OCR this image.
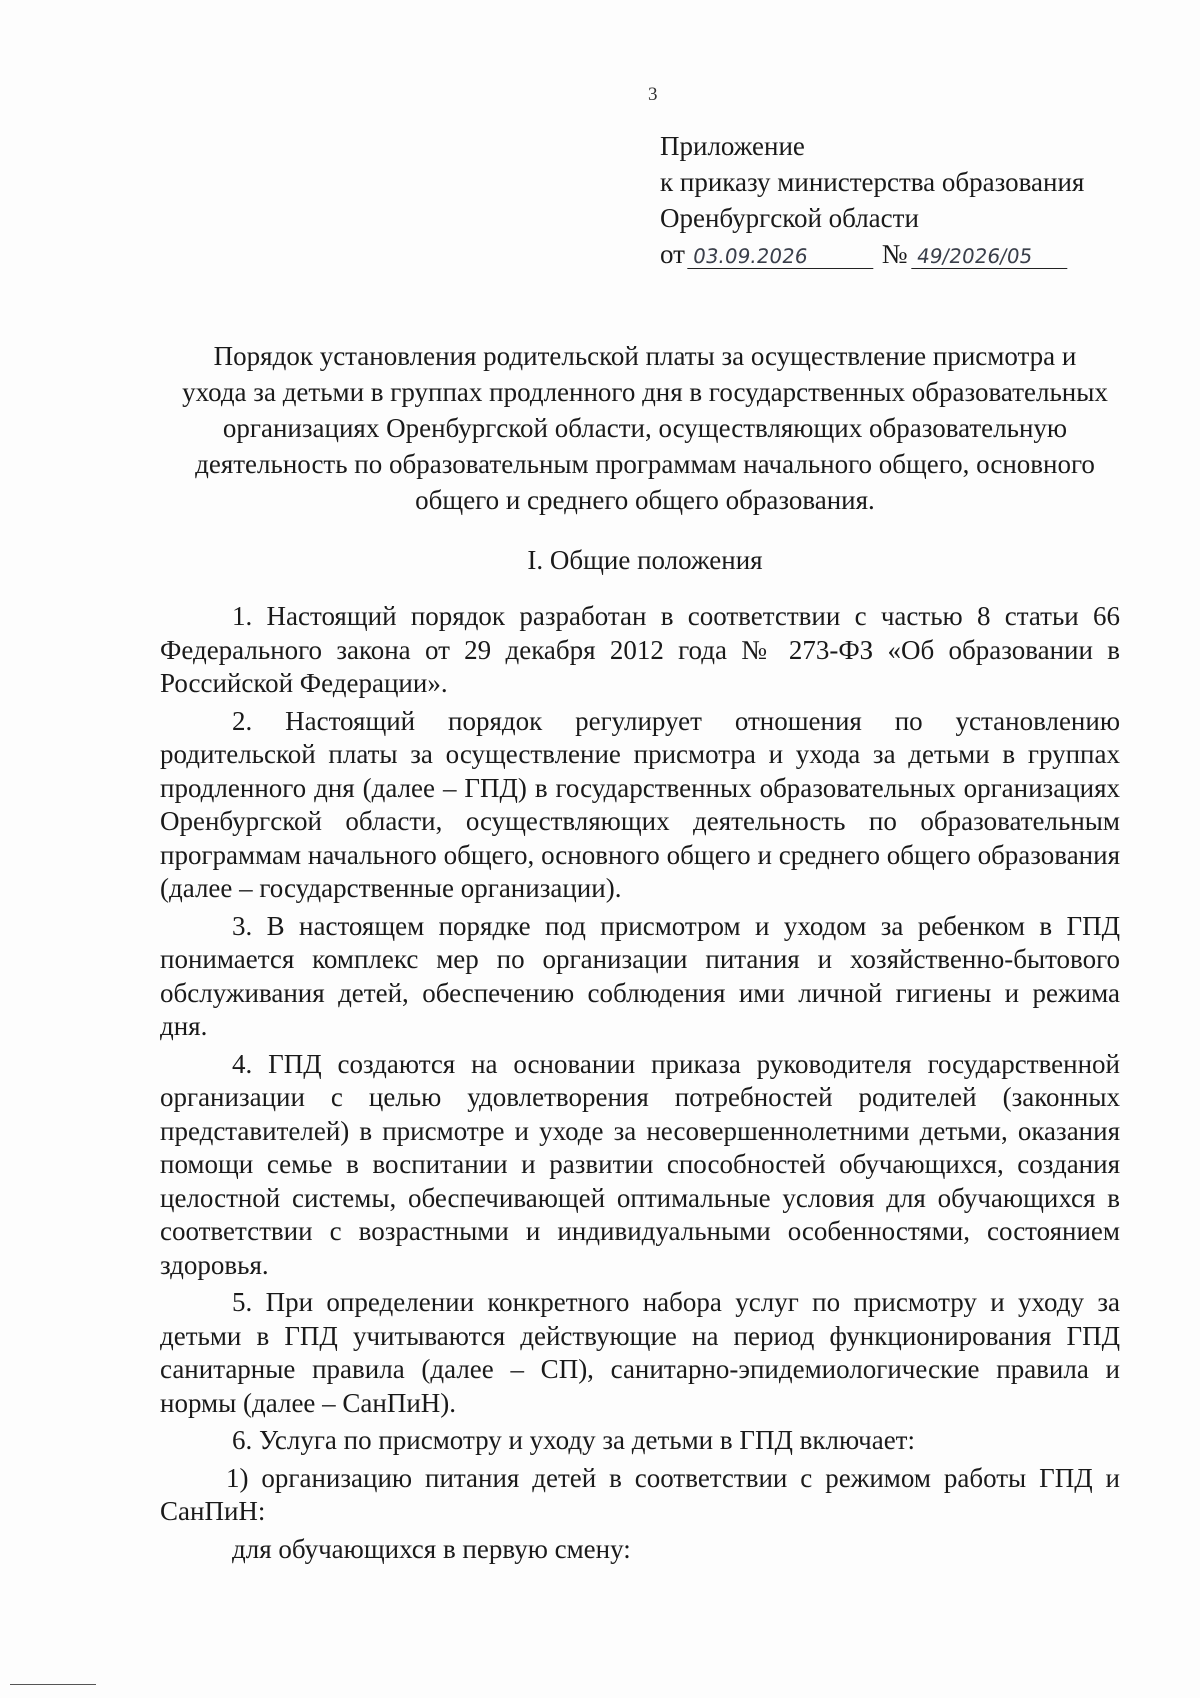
3
Приложение
к приказу министерства образования
Оренбургской области
от 03.09.2026	№ 49/2026/05
Порядок установления родительской платы за осуществление присмотра и ухода за детьми в группах продленного дня в государственных образовательных организациях Оренбургской области, осуществляющих образовательную деятельность по образовательным программам начального общего, основного общего и среднего общего образования.
I. Общие положения

1. Настоящий порядок разработан в соответствии с частью 8 статьи 66 Федерального закона от 29 декабря 2012 года № 273-ФЗ «Об образовании в Российской Федерации».

2. Настоящий порядок регулирует отношения по установлению родительской платы за осуществление присмотра и ухода за детьми в группах продленного дня (далее – ГПД) в государственных образовательных организациях Оренбургской области, осуществляющих деятельность по образовательным программам начального общего, основного общего и среднего общего образования (далее – государственные организации).

3. В настоящем порядке под присмотром и уходом за ребенком в ГПД понимается комплекс мер по организации питания и хозяйственно-бытового обслуживания детей, обеспечению соблюдения ими личной гигиены и режима дня.

4. ГПД создаются на основании приказа руководителя государственной организации с целью удовлетворения потребностей родителей (законных представителей) в присмотре и уходе за несовершеннолетними детьми, оказания помощи семье в воспитании и развитии способностей обучающихся, создания целостной системы, обеспечивающей оптимальные условия для обучающихся в соответствии с возрастными и индивидуальными особенностями, состоянием здоровья.

5. При определении конкретного набора услуг по присмотру и уходу за детьми в ГПД учитываются действующие на период функционирования ГПД санитарные правила (далее – СП), санитарно-эпидемиологические правила и нормы (далее – СанПиН).

6. Услуга по присмотру и уходу за детьми в ГПД включает:

1) организацию питания детей в соответствии с режимом работы ГПД и СанПиН:

для обучающихся в первую смену:
